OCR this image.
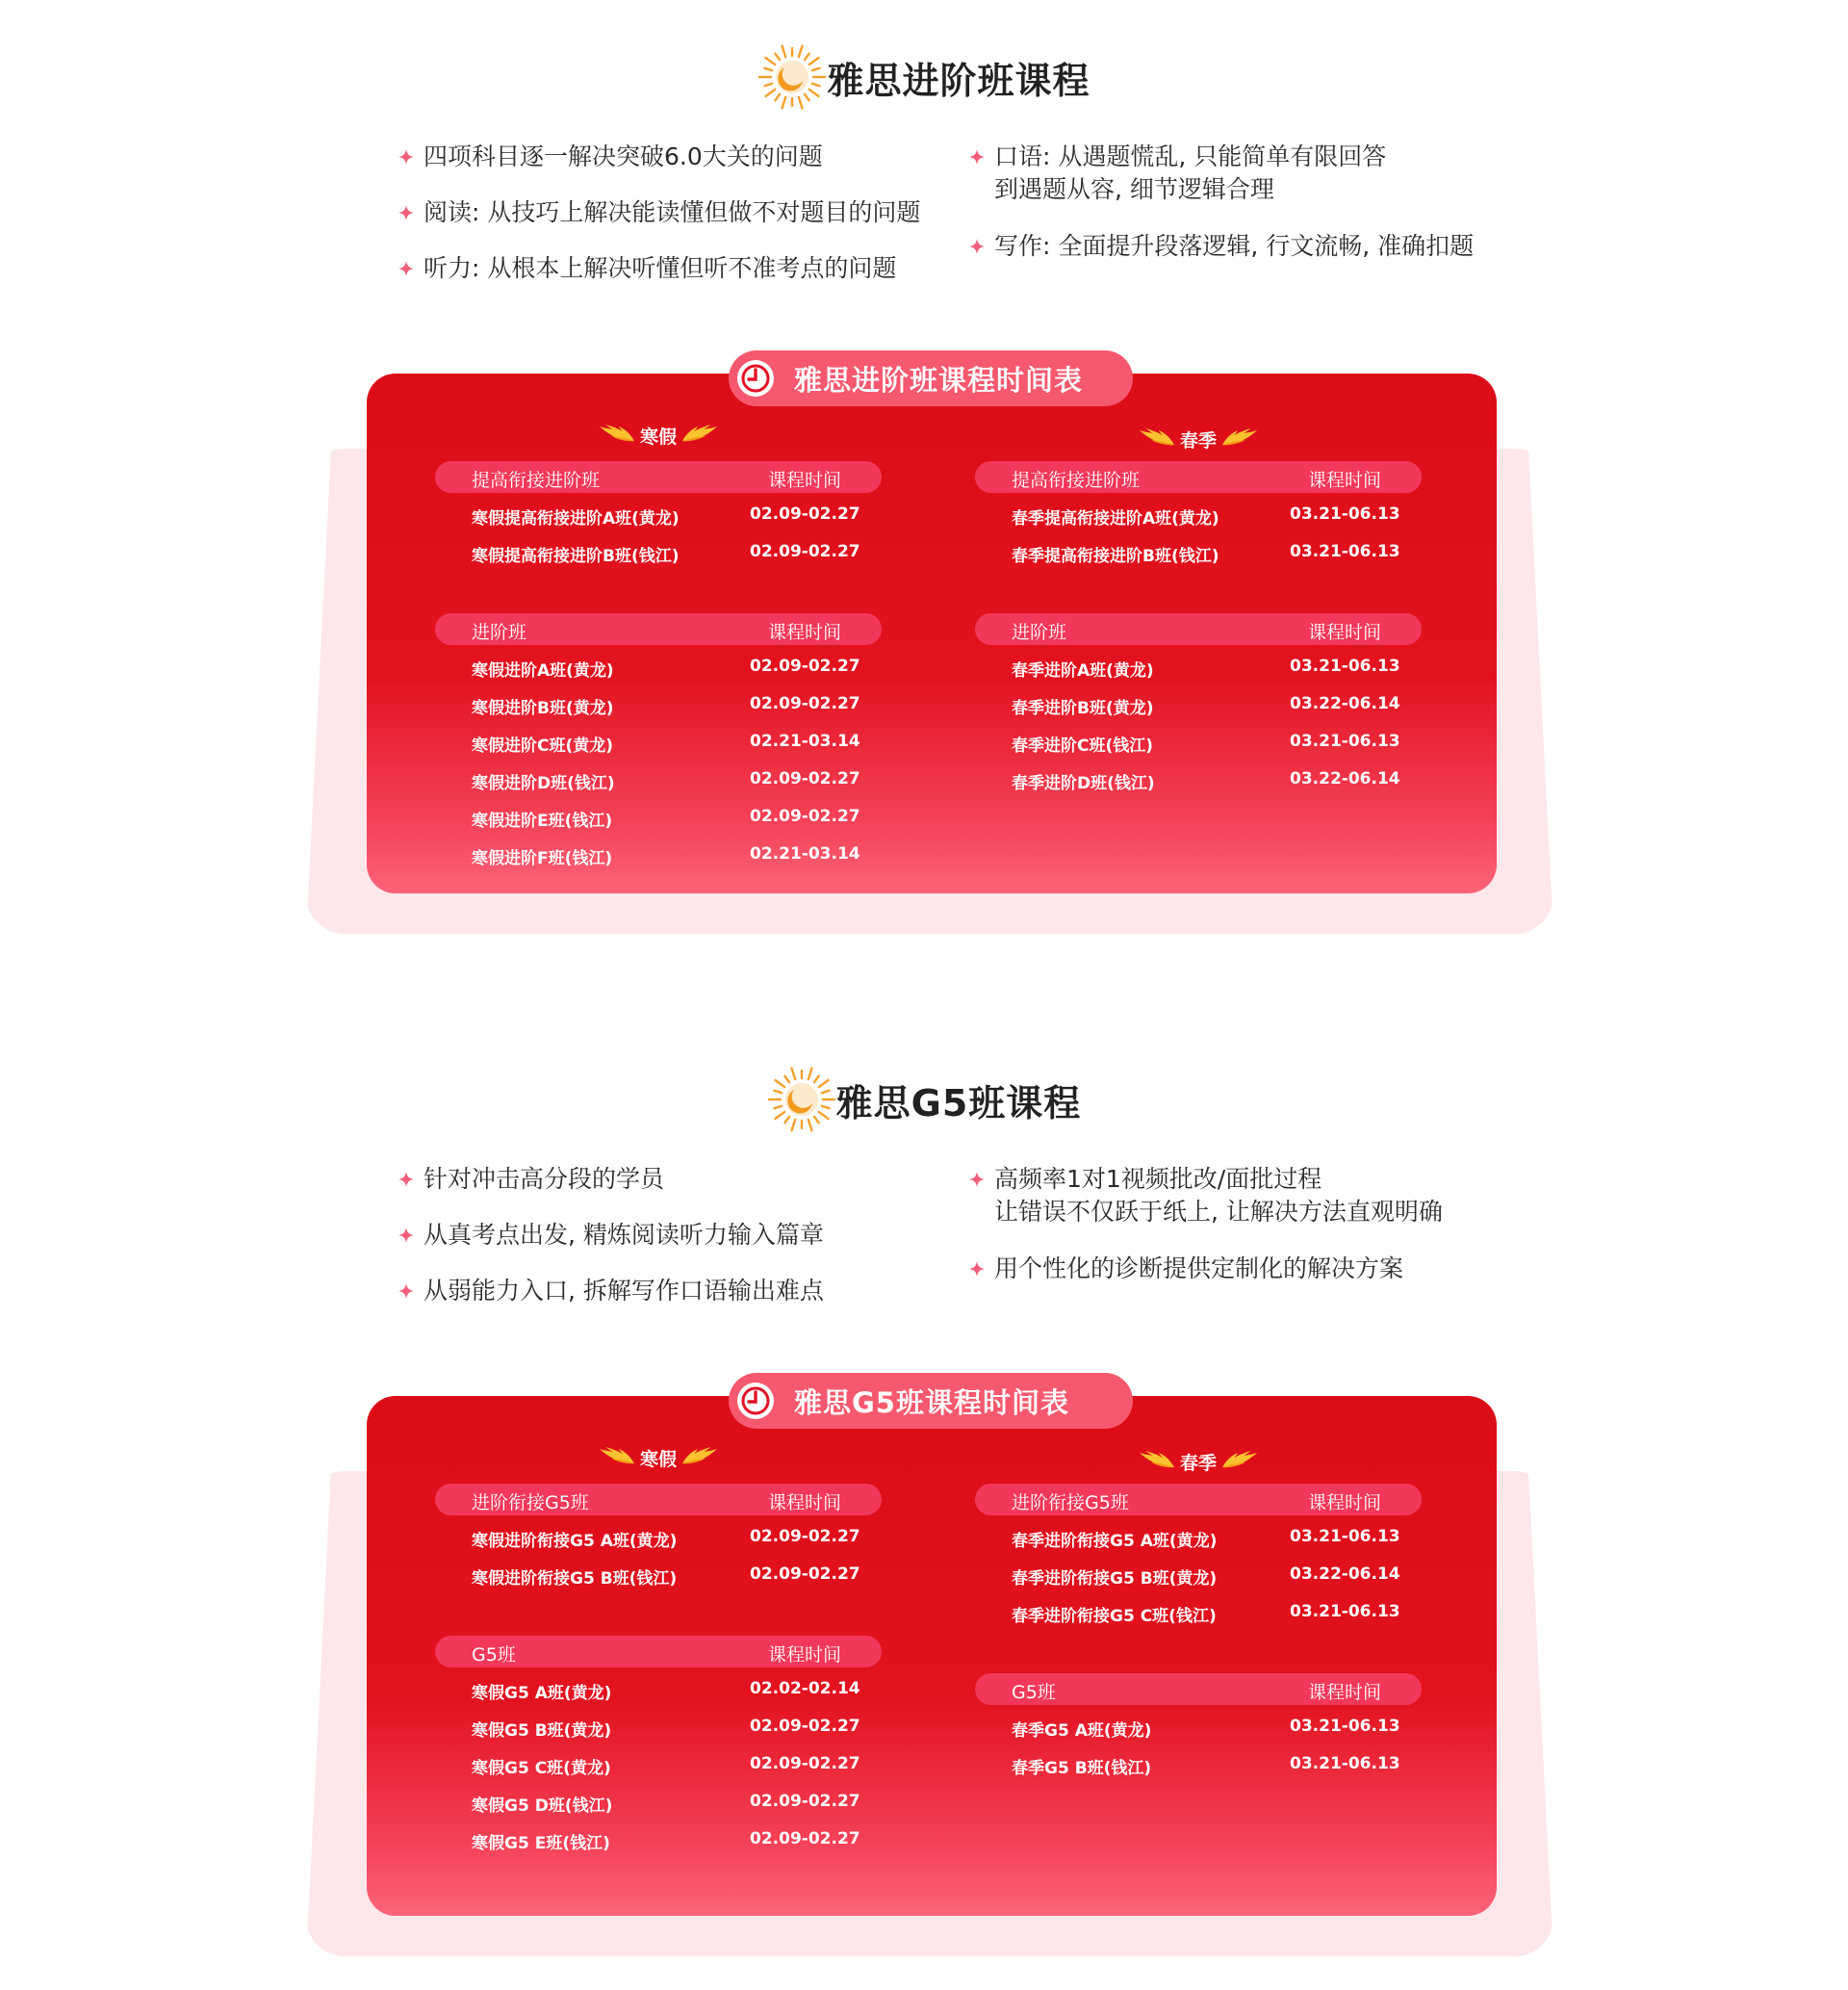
雅思进阶班课程
四项科目逐一解决突破6.0大关的问题
阅读: 从技巧上解决能读懂但做不对题目的问题
听力: 从根本上解决听懂但听不准考点的问题
口语: 从遇题慌乱, 只能简单有限回答
到遇题从容, 细节逻辑合理
写作: 全面提升段落逻辑, 行文流畅, 准确扣题
雅思进阶班课程时间表
寒假
提高衔接进阶班	课程时间
寒假提高衔接进阶A班(黄龙)	02.09-02.27
寒假提高衔接进阶B班(钱江)	02.09-02.27
进阶班	课程时间
寒假进阶A班(黄龙)	02.09-02.27
寒假进阶B班(黄龙)	02.09-02.27
寒假进阶C班(黄龙)	02.21-03.14
寒假进阶D班(钱江)	02.09-02.27
寒假进阶E班(钱江)	02.09-02.27
寒假进阶F班(钱江)	02.21-03.14
春季
提高衔接进阶班	课程时间
春季提高衔接进阶A班(黄龙)	03.21-06.13
春季提高衔接进阶B班(钱江)	03.21-06.13
进阶班	课程时间
春季进阶A班(黄龙)	03.21-06.13
春季进阶B班(黄龙)	03.22-06.14
春季进阶C班(钱江)	03.21-06.13
春季进阶D班(钱江)	03.22-06.14
雅思G5班课程
针对冲击高分段的学员
从真考点出发, 精炼阅读听力输入篇章
从弱能力入口, 拆解写作口语输出难点
高频率1对1视频批改/面批过程
让错误不仅跃于纸上, 让解决方法直观明确
用个性化的诊断提供定制化的解决方案
雅思G5班课程时间表
寒假
进阶衔接G5班	课程时间
寒假进阶衔接G5 A班(黄龙)	02.09-02.27
寒假进阶衔接G5 B班(钱江)	02.09-02.27
G5班	课程时间
寒假G5 A班(黄龙)	02.02-02.14
寒假G5 B班(黄龙)	02.09-02.27
寒假G5 C班(黄龙)	02.09-02.27
寒假G5 D班(钱江)	02.09-02.27
寒假G5 E班(钱江)	02.09-02.27
春季
进阶衔接G5班	课程时间
春季进阶衔接G5 A班(黄龙)	03.21-06.13
春季进阶衔接G5 B班(黄龙)	03.22-06.14
春季进阶衔接G5 C班(钱江)	03.21-06.13
G5班	课程时间
春季G5 A班(黄龙)	03.21-06.13
春季G5 B班(钱江)	03.21-06.13
